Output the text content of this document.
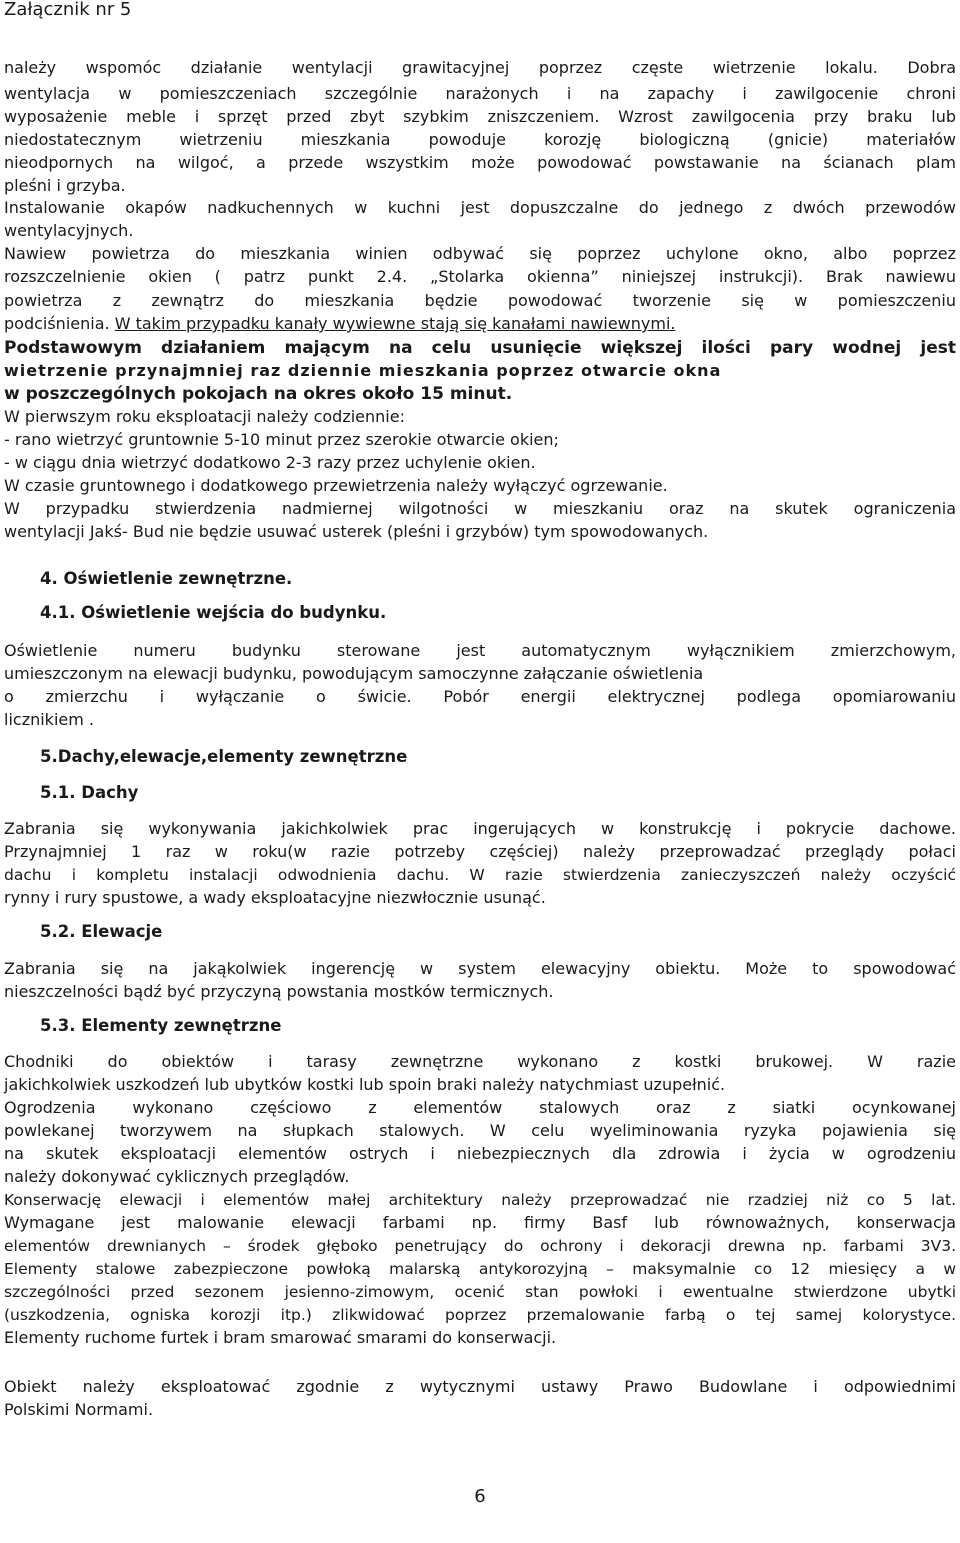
Załącznik nr 5
należy wspomóc działanie wentylacji grawitacyjnej poprzez częste wietrzenie lokalu. Dobra
wentylacja w pomieszczeniach szczególnie narażonych i na zapachy i zawilgocenie chroni
wyposażenie meble i sprzęt przed zbyt szybkim zniszczeniem. Wzrost zawilgocenia przy braku lub
niedostatecznym wietrzeniu mieszkania powoduje korozję biologiczną (gnicie) materiałów
nieodpornych na wilgoć, a przede wszystkim może powodować powstawanie na ścianach plam
pleśni i grzyba.
Instalowanie okapów nadkuchennych w kuchni jest dopuszczalne do jednego z dwóch przewodów
wentylacyjnych.
Nawiew powietrza do mieszkania winien odbywać się poprzez uchylone okno, albo poprzez
rozszczelnienie okien ( patrz punkt 2.4. „Stolarka okienna” niniejszej instrukcji). Brak nawiewu
powietrza z zewnątrz do mieszkania będzie powodować tworzenie się w pomieszczeniu
podciśnienia. W takim przypadku kanały wywiewne stają się kanałami nawiewnymi.
Podstawowym działaniem mającym na celu usunięcie większej ilości pary wodnej jest
wietrzenie przynajmniej raz dziennie mieszkania poprzez otwarcie okna
w poszczególnych pokojach na okres około 15 minut.
W pierwszym roku eksploatacji należy codziennie:
- rano wietrzyć gruntownie 5-10 minut przez szerokie otwarcie okien;
- w ciągu dnia wietrzyć dodatkowo 2-3 razy przez uchylenie okien.
W czasie gruntownego i dodatkowego przewietrzenia należy wyłączyć ogrzewanie.
W przypadku stwierdzenia nadmiernej wilgotności w mieszkaniu oraz na skutek ograniczenia
wentylacji Jakś- Bud nie będzie usuwać usterek (pleśni i grzybów) tym spowodowanych.
4. Oświetlenie zewnętrzne.
4.1. Oświetlenie wejścia do budynku.
Oświetlenie numeru budynku sterowane jest automatycznym wyłącznikiem zmierzchowym,
umieszczonym na elewacji budynku, powodującym samoczynne załączanie oświetlenia
o zmierzchu i wyłączanie o świcie. Pobór energii elektrycznej podlega opomiarowaniu
licznikiem .
5.Dachy,elewacje,elementy zewnętrzne
5.1. Dachy
Zabrania się wykonywania jakichkolwiek prac ingerujących w konstrukcję i pokrycie dachowe.
Przynajmniej 1 raz w roku(w razie potrzeby częściej) należy przeprowadzać przeglądy połaci
dachu i kompletu instalacji odwodnienia dachu. W razie stwierdzenia zanieczyszczeń należy oczyścić
rynny i rury spustowe, a wady eksploatacyjne niezwłocznie usunąć.
5.2. Elewacje
Zabrania się na jakąkolwiek ingerencję w system elewacyjny obiektu. Może to spowodować
nieszczelności bądź być przyczyną powstania mostków termicznych.
5.3. Elementy zewnętrzne
Chodniki do obiektów i tarasy zewnętrzne wykonano z kostki brukowej. W razie
jakichkolwiek uszkodzeń lub ubytków kostki lub spoin braki należy natychmiast uzupełnić.
Ogrodzenia wykonano częściowo z elementów stalowych oraz z siatki ocynkowanej
powlekanej tworzywem na słupkach stalowych. W celu wyeliminowania ryzyka pojawienia się
na skutek eksploatacji elementów ostrych i niebezpiecznych dla zdrowia i życia w ogrodzeniu
należy dokonywać cyklicznych przeglądów.
Konserwację elewacji i elementów małej architektury należy przeprowadzać nie rzadziej niż co 5 lat.
Wymagane jest malowanie elewacji farbami np. firmy Basf lub równoważnych, konserwacja
elementów drewnianych – środek głęboko penetrujący do ochrony i dekoracji drewna np. farbami 3V3.
Elementy stalowe zabezpieczone powłoką malarską antykorozyjną – maksymalnie co 12 miesięcy a w
szczególności przed sezonem jesienno-zimowym, ocenić stan powłoki i ewentualne stwierdzone ubytki
(uszkodzenia, ogniska korozji itp.) zlikwidować poprzez przemalowanie farbą o tej samej kolorystyce.
Elementy ruchome furtek i bram smarować smarami do konserwacji.
Obiekt należy eksploatować zgodnie z wytycznymi ustawy Prawo Budowlane i odpowiednimi
Polskimi Normami.
6
